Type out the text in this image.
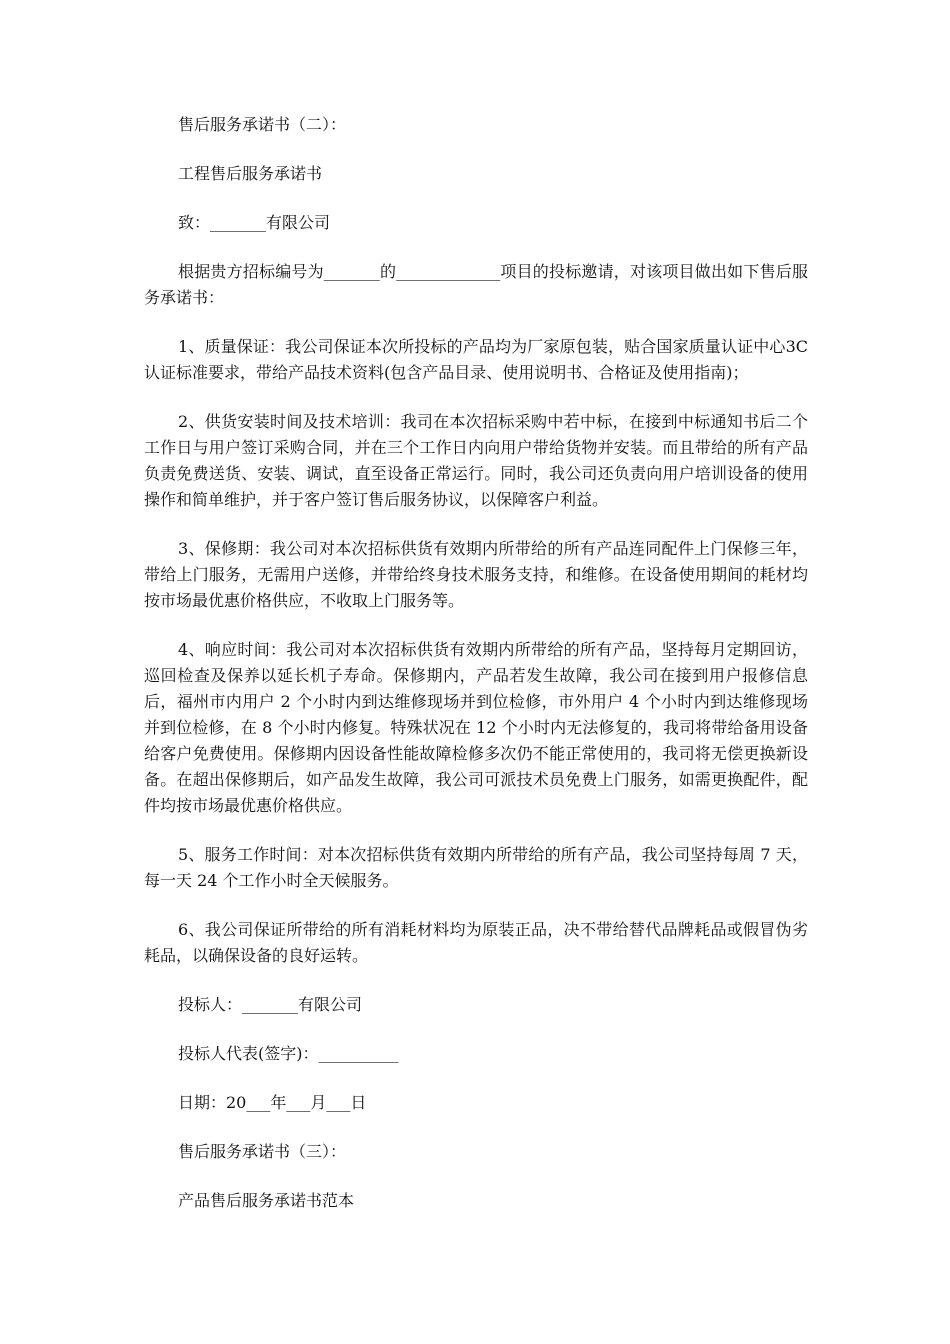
售后服务承诺书（二）：

工程售后服务承诺书

致：_______有限公司

根据贵方招标编号为_______的_____________项目的投标邀请，对该项目做出如下售后服务承诺书：

1、质量保证：我公司保证本次所投标的产品均为厂家原包装，贴合国家质量认证中心3C认证标准要求，带给产品技术资料(包含产品目录、使用说明书、合格证及使用指南)；

2、供货安装时间及技术培训：我司在本次招标采购中若中标，在接到中标通知书后二个工作日与用户签订采购合同，并在三个工作日内向用户带给货物并安装。而且带给的所有产品负责免费送货、安装、调试，直至设备正常运行。同时，我公司还负责向用户培训设备的使用操作和简单维护，并于客户签订售后服务协议，以保障客户利益。

3、保修期：我公司对本次招标供货有效期内所带给的所有产品连同配件上门保修三年，带给上门服务，无需用户送修，并带给终身技术服务支持，和维修。在设备使用期间的耗材均按市场最优惠价格供应，不收取上门服务等。

4、响应时间：我公司对本次招标供货有效期内所带给的所有产品，坚持每月定期回访，巡回检查及保养以延长机子寿命。保修期内，产品若发生故障，我公司在接到用户报修信息后，福州市内用户 2 个小时内到达维修现场并到位检修，市外用户 4 个小时内到达维修现场并到位检修，在 8 个小时内修复。特殊状况在 12 个小时内无法修复的，我司将带给备用设备给客户免费使用。保修期内因设备性能故障检修多次仍不能正常使用的，我司将无偿更换新设备。在超出保修期后，如产品发生故障，我公司可派技术员免费上门服务，如需更换配件，配件均按市场最优惠价格供应。

5、服务工作时间：对本次招标供货有效期内所带给的所有产品，我公司坚持每周 7 天，每一天 24 个工作小时全天候服务。

6、我公司保证所带给的所有消耗材料均为原装正品，决不带给替代品牌耗品或假冒伪劣耗品，以确保设备的良好运转。

投标人：_______有限公司

投标人代表(签字)：__________

日期：20___年___月___日

售后服务承诺书（三）：

产品售后服务承诺书范本
